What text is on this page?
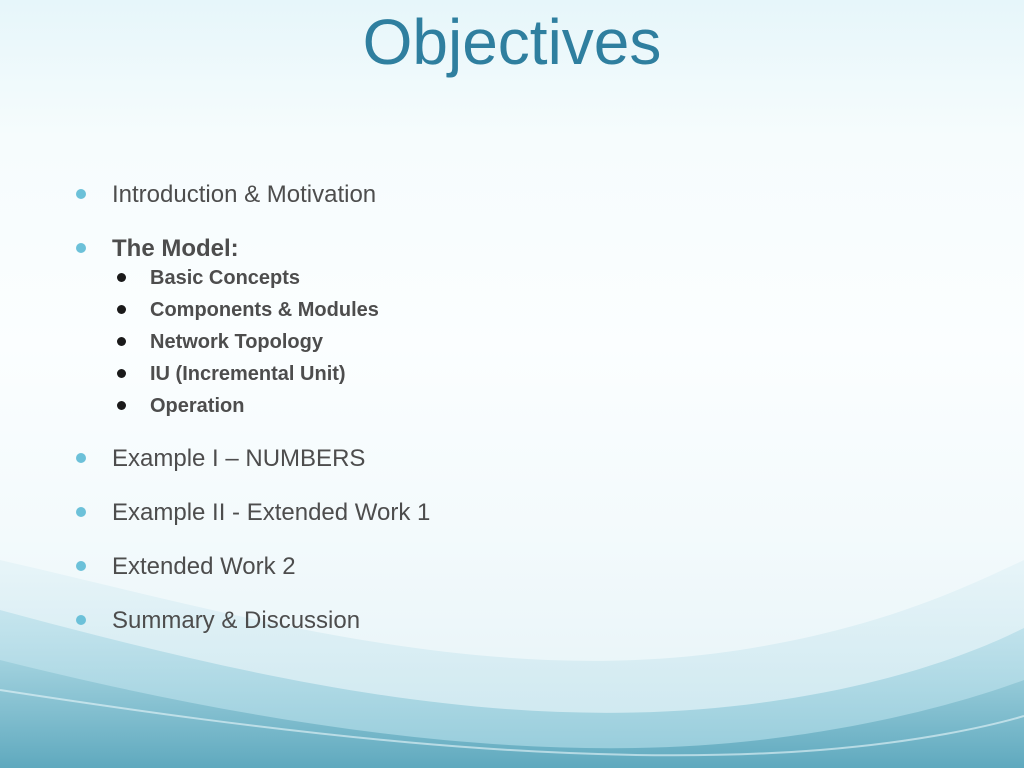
Objectives
Introduction & Motivation
The Model:
Basic Concepts
Components & Modules
Network Topology
IU (Incremental Unit)
Operation
Example I – NUMBERS
Example II - Extended Work 1
Extended Work 2
Summary & Discussion
